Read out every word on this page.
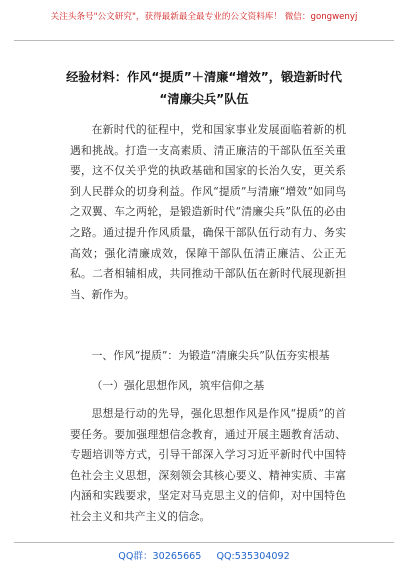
关注头条号"公文研究"，获得最新最全最专业的公文资料库！ 微信：gongwenyj
经验材料：作风“提质”＋清廉“增效”，锻造新时代
“清廉尖兵”队伍

在新时代的征程中，党和国家事业发展面临着新的机遇和挑战。打造一支高素质、清正廉洁的干部队伍至关重要，这不仅关乎党的执政基础和国家的长治久安，更关系到人民群众的切身利益。作风“提质”与清廉“增效”如同鸟之双翼、车之两轮，是锻造新时代“清廉尖兵”队伍的必由之路。通过提升作风质量，确保干部队伍行动有力、务实高效；强化清廉成效，保障干部队伍清正廉洁、公正无私。二者相辅相成，共同推动干部队伍在新时代展现新担当、新作为。

一、作风“提质”：为锻造“清廉尖兵”队伍夯实根基

（一）强化思想作风，筑牢信仰之基

思想是行动的先导，强化思想作风是作风“提质”的首要任务。要加强理想信念教育，通过开展主题教育活动、专题培训等方式，引导干部深入学习习近平新时代中国特色社会主义思想，深刻领会其核心要义、精神实质、丰富内涵和实践要求，坚定对马克思主义的信仰，对中国特色社会主义和共产主义的信念。

QQ群：30265665 QQ:535304092
